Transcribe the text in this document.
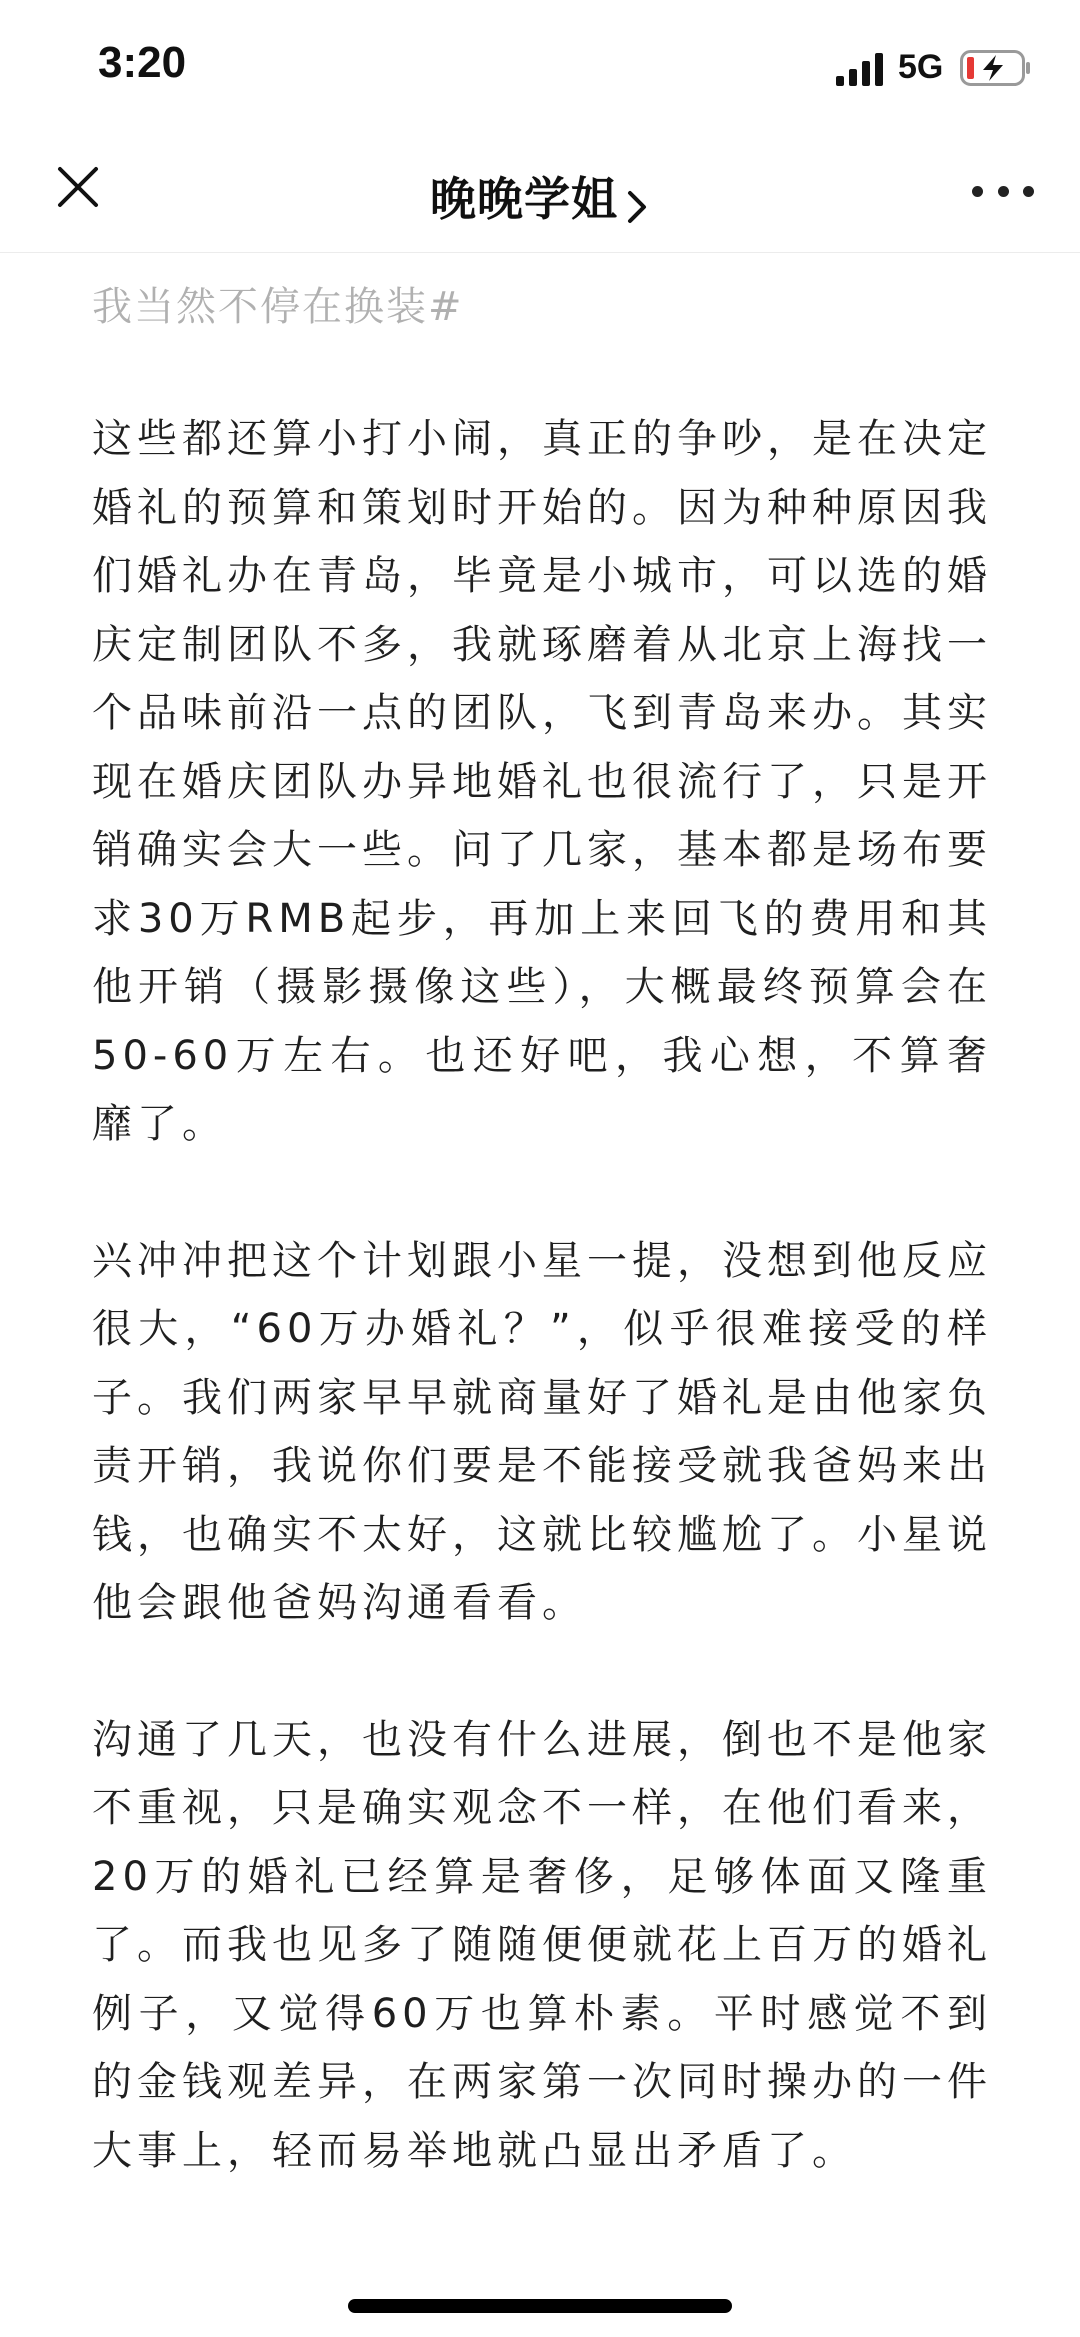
3:20	5G
晚晚学姐

我当然不停在换装#

这些都还算小打小闹，真正的争吵，是在决定婚礼的预算和策划时开始的。因为种种原因我们婚礼办在青岛，毕竟是小城市，可以选的婚庆定制团队不多，我就琢磨着从北京上海找一个品味前沿一点的团队，飞到青岛来办。其实现在婚庆团队办异地婚礼也很流行了，只是开销确实会大一些。问了几家，基本都是场布要求30万RMB起步，再加上来回飞的费用和其他开销（摄影摄像这些），大概最终预算会在50-60万左右。也还好吧，我心想，不算奢靡了。

兴冲冲把这个计划跟小星一提，没想到他反应很大，“60万办婚礼？”，似乎很难接受的样子。我们两家早早就商量好了婚礼是由他家负责开销，我说你们要是不能接受就我爸妈来出钱，也确实不太好，这就比较尴尬了。小星说他会跟他爸妈沟通看看。

沟通了几天，也没有什么进展，倒也不是他家不重视，只是确实观念不一样，在他们看来，20万的婚礼已经算是奢侈，足够体面又隆重了。而我也见多了随随便便就花上百万的婚礼例子，又觉得60万也算朴素。平时感觉不到的金钱观差异，在两家第一次同时操办的一件大事上，轻而易举地就凸显出矛盾了。
